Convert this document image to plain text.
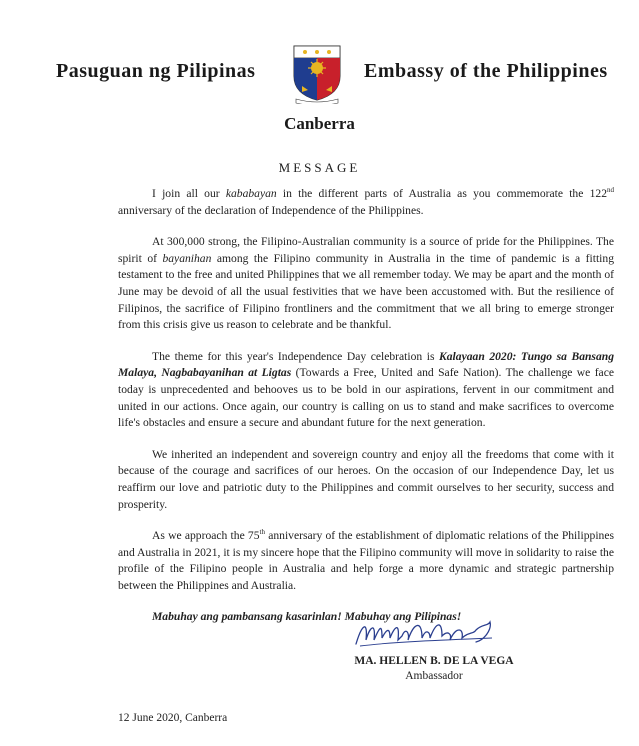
Pasuguan ng Pilipinas	Embassy of the Philippines
Canberra
MESSAGE

I join all our kababayan in the different parts of Australia as you commemorate the 122nd anniversary of the declaration of Independence of the Philippines.

At 300,000 strong, the Filipino-Australian community is a source of pride for the Philippines. The spirit of bayanihan among the Filipino community in Australia in the time of pandemic is a fitting testament to the free and united Philippines that we all remember today. We may be apart and the month of June may be devoid of all the usual festivities that we have been accustomed with. But the resilience of Filipinos, the sacrifice of Filipino frontliners and the commitment that we all bring to emerge stronger from this crisis give us reason to celebrate and be thankful.

The theme for this year's Independence Day celebration is Kalayaan 2020: Tungo sa Bansang Malaya, Nagbabayanihan at Ligtas (Towards a Free, United and Safe Nation). The challenge we face today is unprecedented and behooves us to be bold in our aspirations, fervent in our commitment and united in our actions. Once again, our country is calling on us to stand and make sacrifices to overcome life's obstacles and ensure a secure and abundant future for the next generation.

We inherited an independent and sovereign country and enjoy all the freedoms that come with it because of the courage and sacrifices of our heroes. On the occasion of our Independence Day, let us reaffirm our love and patriotic duty to the Philippines and commit ourselves to her security, success and prosperity.

As we approach the 75th anniversary of the establishment of diplomatic relations of the Philippines and Australia in 2021, it is my sincere hope that the Filipino community will move in solidarity to raise the profile of the Filipino people in Australia and help forge a more dynamic and strategic partnership between the Philippines and Australia.

Mabuhay ang pambansang kasarinlan! Mabuhay ang Pilipinas!

MA. HELLEN B. DE LA VEGA
Ambassador
12 June 2020, Canberra
